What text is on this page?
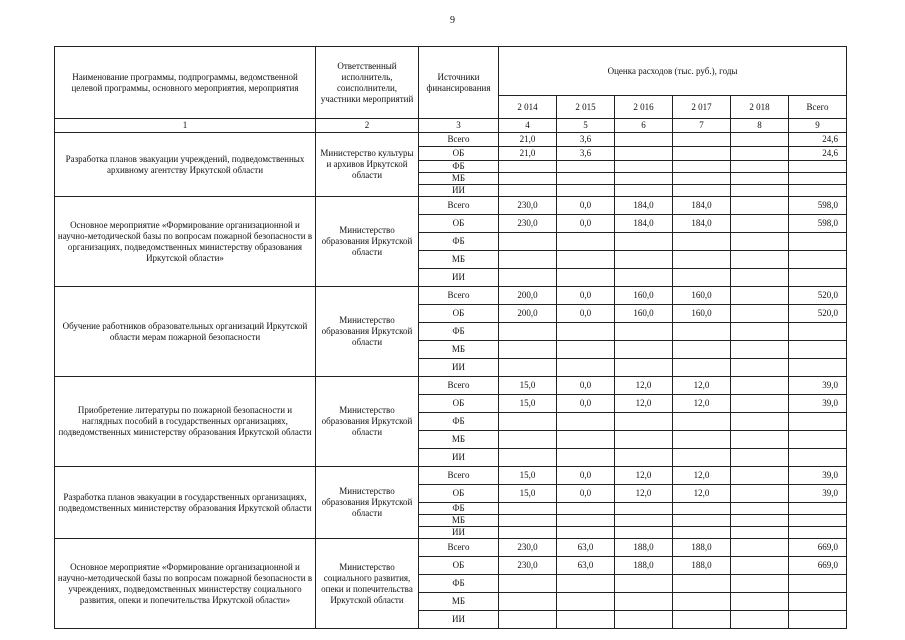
9
Наименование программы, подпрограммы, ведомственной целевой программы, основного мероприятия, мероприятия	Ответственный исполнитель, соисполнители, участники мероприятий	Источники финансирования	Оценка расходов (тыс. руб.), годы					
			2 014	2 015	2 016	2 017	2 018	Всего
1	2	3	4	5	6	7	8	9
Разработка планов эвакуации учреждений, подведомственных архивному агентству Иркутской области	Министерство культуры и архивов Иркутской области	Всего	21,0	3,6				24,6
		ОБ	21,0	3,6				24,6
		ФБ						
		МБ						
		ИИ						
Основное мероприятие «Формирование организационной и научно-методической базы по вопросам пожарной безопасности в организациях, подведомственных министерству образования Иркутской области»	Министерство образования Иркутской области	Всего	230,0	0,0	184,0	184,0		598,0
		ОБ	230,0	0,0	184,0	184,0		598,0
		ФБ						
		МБ						
		ИИ						
Обучение работников образовательных организаций Иркутской области мерам пожарной безопасности	Министерство образования Иркутской области	Всего	200,0	0,0	160,0	160,0		520,0
		ОБ	200,0	0,0	160,0	160,0		520,0
		ФБ						
		МБ						
		ИИ						
Приобретение литературы по пожарной безопасности и наглядных пособий в государственных организациях, подведомственных министерству образования Иркутской области	Министерство образования Иркутской области	Всего	15,0	0,0	12,0	12,0		39,0
		ОБ	15,0	0,0	12,0	12,0		39,0
		ФБ						
		МБ						
		ИИ						
Разработка планов эвакуации в государственных организациях, подведомственных министерству образования Иркутской области	Министерство образования Иркутской области	Всего	15,0	0,0	12,0	12,0		39,0
		ОБ	15,0	0,0	12,0	12,0		39,0
		ФБ						
		МБ						
		ИИ						
Основное мероприятие «Формирование организационной и научно-методической базы по вопросам пожарной безопасности в учреждениях, подведомственных министерству социального развития, опеки и попечительства Иркутской области»	Министерство социального развития, опеки и попечительства Иркутской области	Всего	230,0	63,0	188,0	188,0		669,0
		ОБ	230,0	63,0	188,0	188,0		669,0
		ФБ						
		МБ						
		ИИ						
